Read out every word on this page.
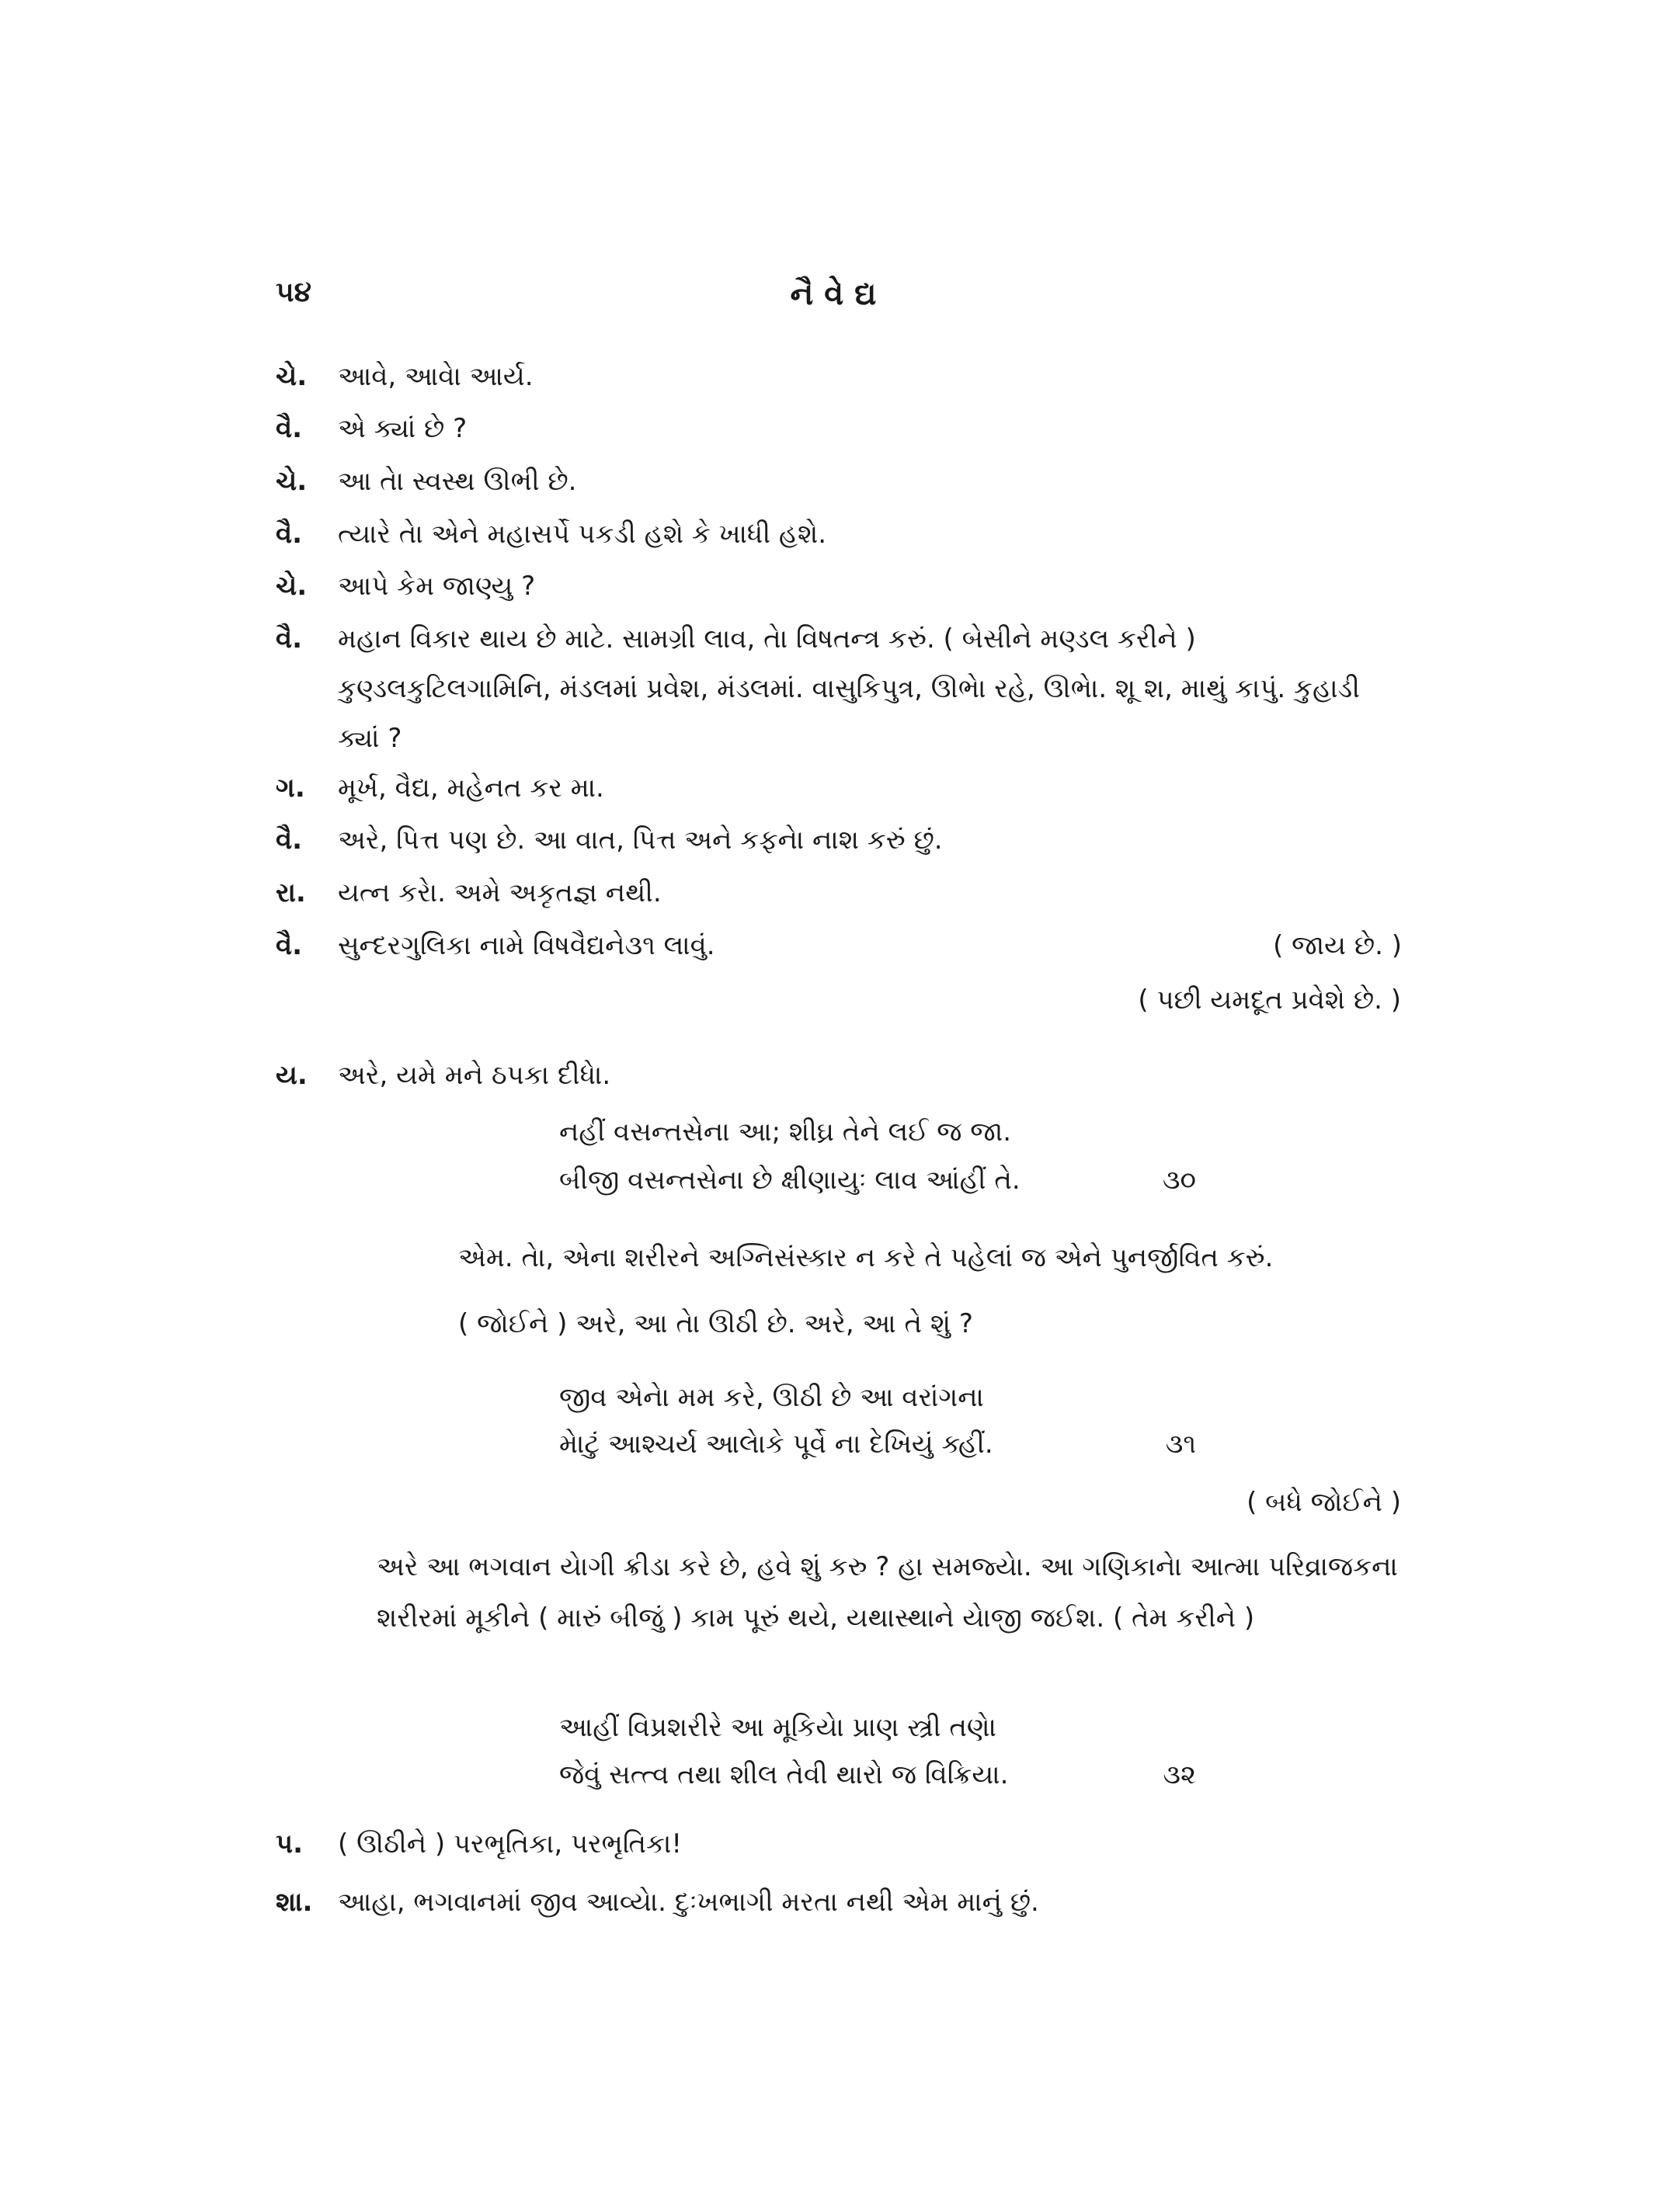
૫૪	નૈવેદ્ય
ચે. આવે, આવેા આર્ય.
વૈ. એ ક્યાં છે ?
ચે. આ તેા સ્વસ્થ ઊભી છે.
વૈ. ત્યારે તેા એને મહાસર્પે પકડી હશે કે ખાધી હશે.
ચે. આપે કેમ જાણ્યુ ?
વૈ. મહાન વિકાર થાય છે માટે. સામગ્રી લાવ, તેા વિષતન્ત્ર કરું. ( બેસીને મણ્ડલ કરીને ) કુણ્ડલકુટિલગામિનિ, મંડલમાં પ્રવેશ, મંડલમાં. વાસુકિપુત્ર, ઊભેા રહે, ઊભેા. શૂ શ, માથું કાપું. કુહાડી ક્યાં ?
ગ. મૂર્ખ, વૈદ્ય, મહેનત કર મા.
વૈ. અરે, પિત્ત પણ છે. આ વાત, પિત્ત અને કફનેા નાશ કરું છું.
રા. યત્ન કરેા. અમે અકૃતજ્ઞ નથી.
વૈ. સુન્દરગુલિકા નામે વિષવૈદ્યને૩૧ લાવું.	( જાય છે. )
( પછી યમદૂત પ્રવેશે છે. )
ય. અરે, યમે મને ઠપકા દીધેા.
નહીં વસન્તસેના આ; શીઘ્ર તેને લઈ જ જા.
બીજી વસન્તસેના છે ક્ષીણાયુઃ લાવ આંહીં તે.	૩૦
એમ. તેા, એના શરીરને અગ્નિસંસ્કાર ન કરે તે પહેલાં જ એને પુનર્જીવિત કરું.
( જોઈને ) અરે, આ તેા ઊઠી છે. અરે, આ તે શું ?
જીવ એનેા મમ કરે, ઊઠી છે આ વરાંગના
મેાટું આશ્ચર્ય આલેાકે પૂર્વે ના દેખિયું ક્હીં.	૩૧
( બધે જોઈને )
અરે આ ભગવાન યેાગી ક્રીડા કરે છે, હવે શું કરુ ? હા સમજ્યેા. આ ગણિકાનેા આત્મા પરિવ્રાજકના શરીરમાં મૂકીને ( મારું બીજું ) કામ પૂરું થયે, યથાસ્થાને યેાજી જઈશ. ( તેમ કરીને )
આહીં વિપ્રશરીરે આ મૂકિયેા પ્રાણ સ્ત્રી તણેા
જેવું સત્ત્વ તથા શીલ તેવી થારો જ વિક્રિયા.	૩૨
પ. ( ઊઠીને ) પરભૃતિકા, પરભૃતિકા!
શા. આહા, ભગવાનમાં જીવ આવ્યેા. દુઃખભાગી મરતા નથી એમ માનું છું.
